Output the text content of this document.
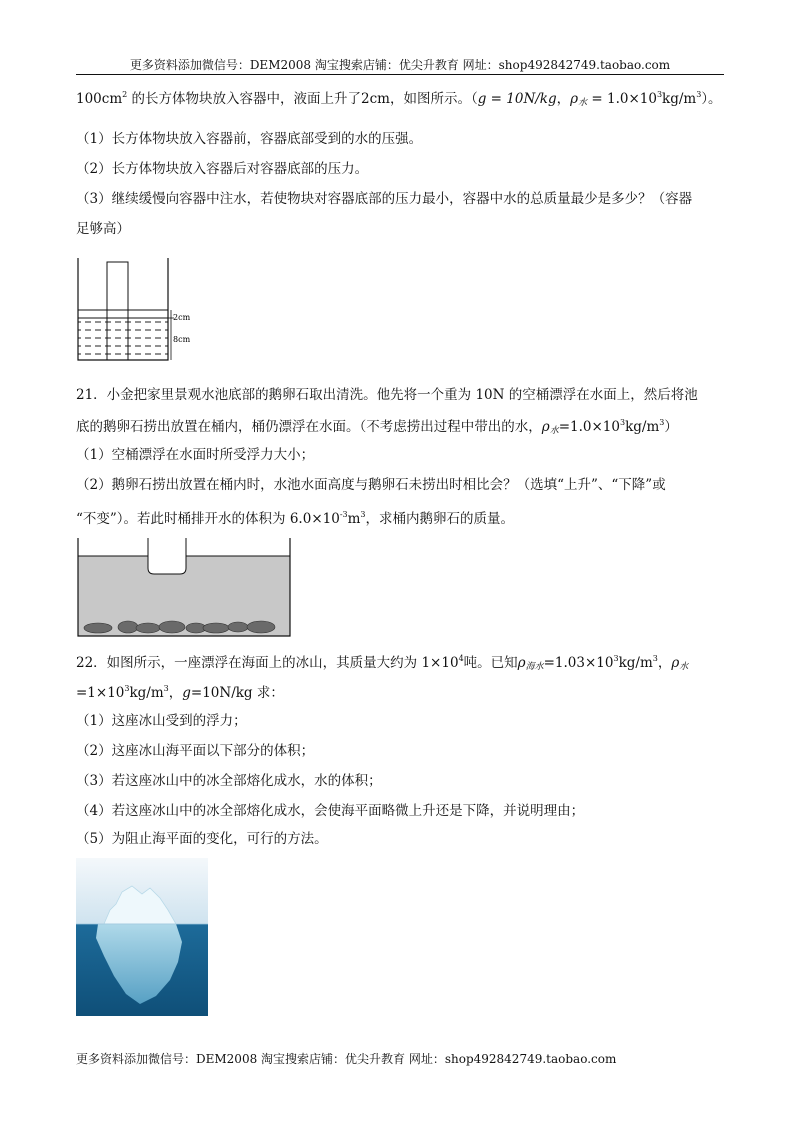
更多资料添加微信号：DEM2008 淘宝搜索店铺：优尖升教育 网址：shop492842749.taobao.com
$100cm^2$ 的长方体物块放入容器中，液面上升了2cm，如图所示。（g = 10N/kg，$\rho_水 = 1.0\times 10^3kg/m^3$）。
（1）长方体物块放入容器前，容器底部受到的水的压强。
（2）长方体物块放入容器后对容器底部的压力。
（3）继续缓慢向容器中注水，若使物块对容器底部的压力最小，容器中水的总质量最少是多少？（容器
足够高）
2cm
8cm
21．小金把家里景观水池底部的鹅卵石取出清洗。他先将一个重为 10N 的空桶漂浮在水面上，然后将池
底的鹅卵石捞出放置在桶内，桶仍漂浮在水面。（不考虑捞出过程中带出的水，$\rho_水=1.0\times 10^3kg/m^3$）
（1）空桶漂浮在水面时所受浮力大小；
（2）鹅卵石捞出放置在桶内时，水池水面高度与鹅卵石未捞出时相比会？（选填“上升”、“下降”或
“不变”）。若此时桶排开水的体积为 $6.0\times 10^{-3}m^3$，求桶内鹅卵石的质量。
22．如图所示，一座漂浮在海面上的冰山，其质量大约为 $1\times 10^4$吨。已知$\rho_{海水}=1.03\times 10^3kg/m^3$，$\rho_水$
$=1\times 10^3kg/m^3$，g=10N/kg 求：
（1）这座冰山受到的浮力；
（2）这座冰山海平面以下部分的体积；
（3）若这座冰山中的冰全部熔化成水，水的体积；
（4）若这座冰山中的冰全部熔化成水，会使海平面略微上升还是下降，并说明理由；
（5）为阻止海平面的变化，可行的方法。
更多资料添加微信号：DEM2008 淘宝搜索店铺：优尖升教育 网址：shop492842749.taobao.com
